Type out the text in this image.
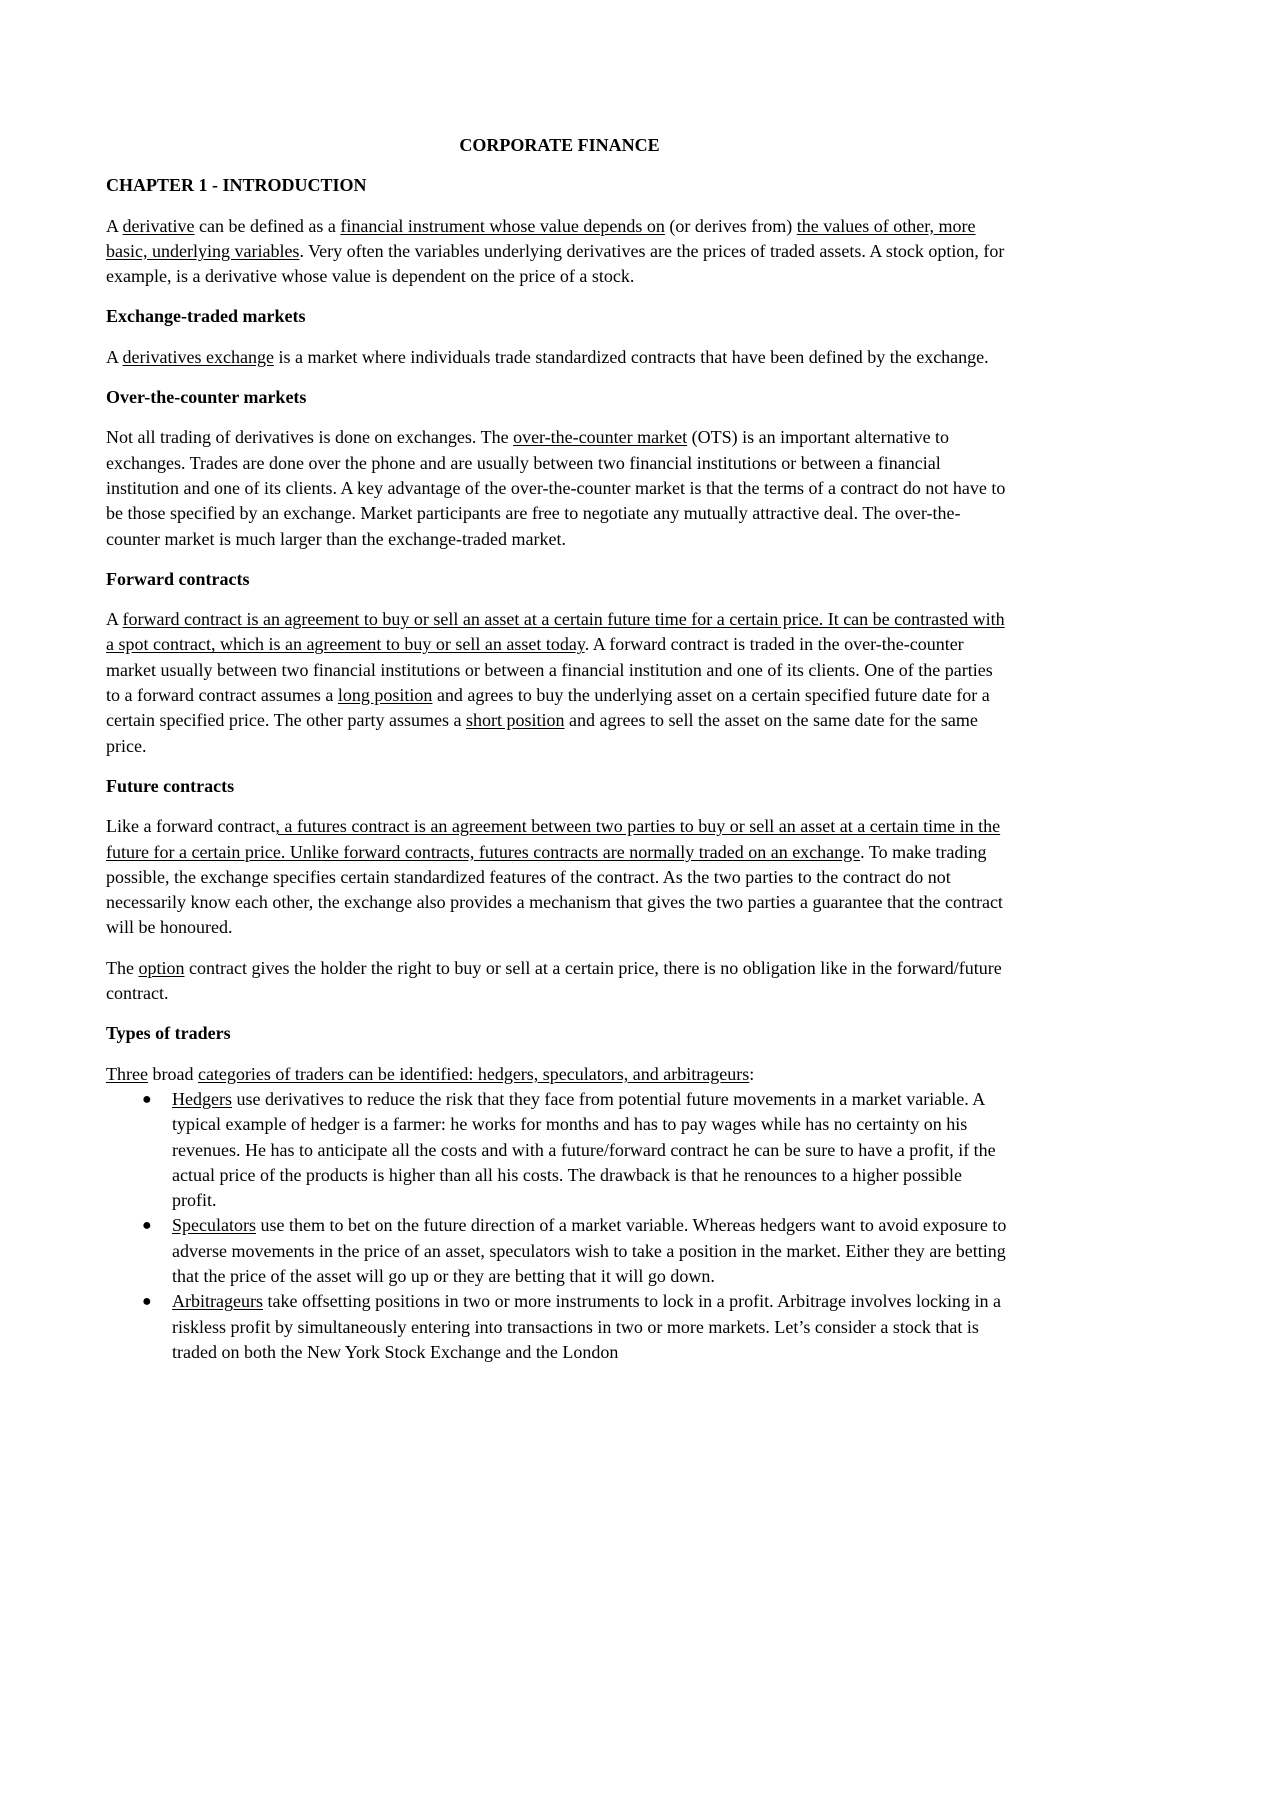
CORPORATE FINANCE
CHAPTER 1 - INTRODUCTION

A derivative can be defined as a financial instrument whose value depends on (or derives from) the values of other, more basic, underlying variables. Very often the variables underlying derivatives are the prices of traded assets. A stock option, for example, is a derivative whose value is dependent on the price of a stock.

Exchange-traded markets

A derivatives exchange is a market where individuals trade standardized contracts that have been defined by the exchange.

Over-the-counter markets

Not all trading of derivatives is done on exchanges. The over-the-counter market (OTS) is an important alternative to exchanges. Trades are done over the phone and are usually between two financial institutions or between a financial institution and one of its clients. A key advantage of the over-the-counter market is that the terms of a contract do not have to be those specified by an exchange. Market participants are free to negotiate any mutually attractive deal. The over-the-counter market is much larger than the exchange-traded market.

Forward contracts

A forward contract is an agreement to buy or sell an asset at a certain future time for a certain price. It can be contrasted with a spot contract, which is an agreement to buy or sell an asset today. A forward contract is traded in the over-the-counter market usually between two financial institutions or between a financial institution and one of its clients. One of the parties to a forward contract assumes a long position and agrees to buy the underlying asset on a certain specified future date for a certain specified price. The other party assumes a short position and agrees to sell the asset on the same date for the same price.

Future contracts

Like a forward contract, a futures contract is an agreement between two parties to buy or sell an asset at a certain time in the future for a certain price. Unlike forward contracts, futures contracts are normally traded on an exchange. To make trading possible, the exchange specifies certain standardized features of the contract. As the two parties to the contract do not necessarily know each other, the exchange also provides a mechanism that gives the two parties a guarantee that the contract will be honoured.

The option contract gives the holder the right to buy or sell at a certain price, there is no obligation like in the forward/future contract.

Types of traders

Three broad categories of traders can be identified: hedgers, speculators, and arbitrageurs:

● Hedgers use derivatives to reduce the risk that they face from potential future movements in a market variable. A typical example of hedger is a farmer: he works for months and has to pay wages while has no certainty on his revenues. He has to anticipate all the costs and with a future/forward contract he can be sure to have a profit, if the actual price of the products is higher than all his costs. The drawback is that he renounces to a higher possible profit.
● Speculators use them to bet on the future direction of a market variable. Whereas hedgers want to avoid exposure to adverse movements in the price of an asset, speculators wish to take a position in the market. Either they are betting that the price of the asset will go up or they are betting that it will go down.
● Arbitrageurs take offsetting positions in two or more instruments to lock in a profit. Arbitrage involves locking in a riskless profit by simultaneously entering into transactions in two or more markets. Let’s consider a stock that is traded on both the New York Stock Exchange and the London
